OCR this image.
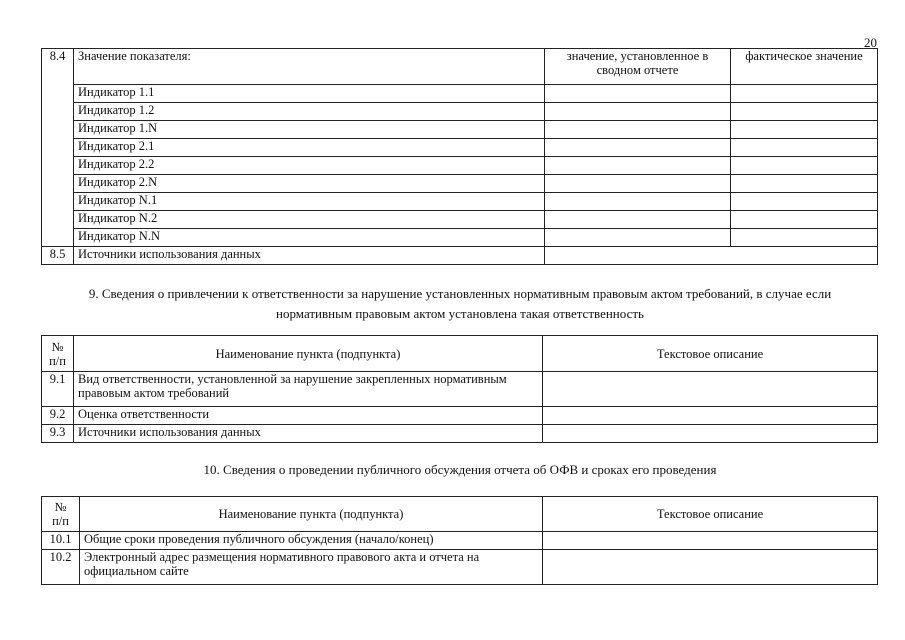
20
8.4	Значение показателя:	значение, установленное в сводном отчете	фактическое значение
	Индикатор 1.1		
	Индикатор 1.2		
	Индикатор 1.N		
	Индикатор 2.1		
	Индикатор 2.2		
	Индикатор 2.N		
	Индикатор N.1		
	Индикатор N.2		
	Индикатор N.N		
8.5	Источники использования данных		
9. Сведения о привлечении к ответственности за нарушение установленных нормативным правовым актом требований, в случае если нормативным правовым актом установлена такая ответственность
№
п/п	Наименование пункта (подпункта)	Текстовое описание
9.1	Вид ответственности, установленной за нарушение закрепленных нормативным правовым актом требований	
9.2	Оценка ответственности	
9.3	Источники использования данных	
10. Сведения о проведении публичного обсуждения отчета об ОФВ и сроках его проведения
№
п/п	Наименование пункта (подпункта)	Текстовое описание
10.1	Общие сроки проведения публичного обсуждения (начало/конец)	
10.2	Электронный адрес размещения нормативного правового акта и отчета на официальном сайте	
